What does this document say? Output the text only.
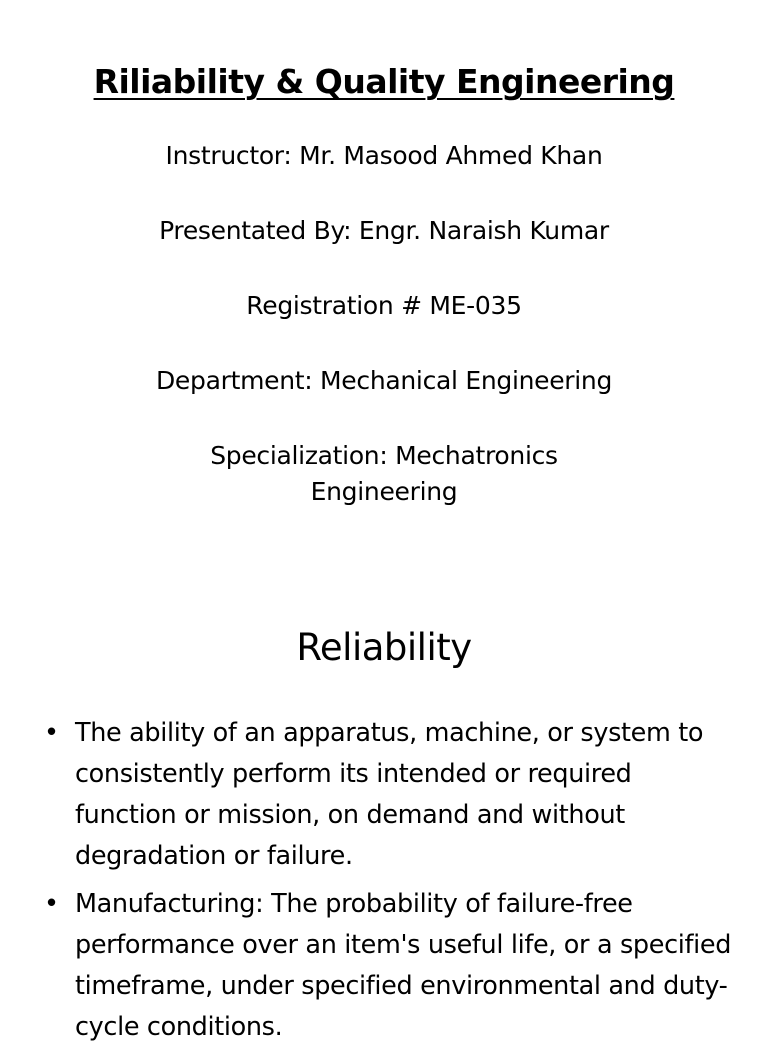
Riliability & Quality Engineering
Instructor: Mr. Masood Ahmed Khan
Presentated By: Engr. Naraish Kumar
Registration # ME-035
Department: Mechanical Engineering
Specialization: Mechatronics Engineering
Reliability
• The ability of an apparatus, machine, or system to consistently perform its intended or required function or mission, on demand and without degradation or failure.
• Manufacturing: The probability of failure-free performance over an item's useful life, or a specified timeframe, under specified environmental and duty-cycle conditions.
